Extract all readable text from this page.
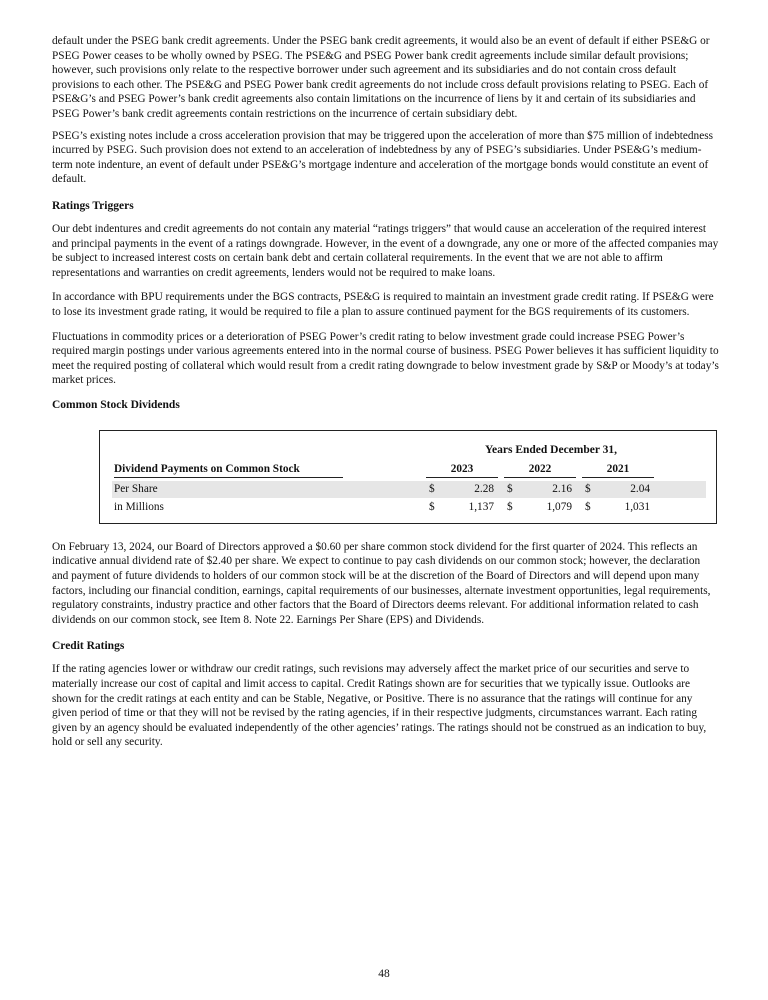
default under the PSEG bank credit agreements. Under the PSEG bank credit agreements, it would also be an event of default if either PSE&G or PSEG Power ceases to be wholly owned by PSEG. The PSE&G and PSEG Power bank credit agreements include similar default provisions; however, such provisions only relate to the respective borrower under such agreement and its subsidiaries and do not contain cross default provisions to each other. The PSE&G and PSEG Power bank credit agreements do not include cross default provisions relating to PSEG. Each of PSE&G’s and PSEG Power’s bank credit agreements also contain limitations on the incurrence of liens by it and certain of its subsidiaries and PSEG Power’s bank credit agreements contain restrictions on the incurrence of certain subsidiary debt.

PSEG’s existing notes include a cross acceleration provision that may be triggered upon the acceleration of more than $75 million of indebtedness incurred by PSEG. Such provision does not extend to an acceleration of indebtedness by any of PSEG’s subsidiaries. Under PSE&G’s medium-term note indenture, an event of default under PSE&G’s mortgage indenture and acceleration of the mortgage bonds would constitute an event of default.

Ratings Triggers

Our debt indentures and credit agreements do not contain any material “ratings triggers” that would cause an acceleration of the required interest and principal payments in the event of a ratings downgrade. However, in the event of a downgrade, any one or more of the affected companies may be subject to increased interest costs on certain bank debt and certain collateral requirements. In the event that we are not able to affirm representations and warranties on credit agreements, lenders would not be required to make loans.

In accordance with BPU requirements under the BGS contracts, PSE&G is required to maintain an investment grade credit rating. If PSE&G were to lose its investment grade rating, it would be required to file a plan to assure continued payment for the BGS requirements of its customers.

Fluctuations in commodity prices or a deterioration of PSEG Power’s credit rating to below investment grade could increase PSEG Power’s required margin postings under various agreements entered into in the normal course of business. PSEG Power believes it has sufficient liquidity to meet the required posting of collateral which would result from a credit rating downgrade to below investment grade by S&P or Moody’s at today’s market prices.

Common Stock Dividends
Years Ended December 31,
Dividend Payments on Common Stock	2023	2022	2021
Per Share	$	2.28 $	2.16 $	2.04
in Millions	$	1,137 $	1,079 $	1,031

On February 13, 2024, our Board of Directors approved a $0.60 per share common stock dividend for the first quarter of 2024. This reflects an indicative annual dividend rate of $2.40 per share. We expect to continue to pay cash dividends on our common stock; however, the declaration and payment of future dividends to holders of our common stock will be at the discretion of the Board of Directors and will depend upon many factors, including our financial condition, earnings, capital requirements of our businesses, alternate investment opportunities, legal requirements, regulatory constraints, industry practice and other factors that the Board of Directors deems relevant. For additional information related to cash dividends on our common stock, see Item 8. Note 22. Earnings Per Share (EPS) and Dividends.

Credit Ratings

If the rating agencies lower or withdraw our credit ratings, such revisions may adversely affect the market price of our securities and serve to materially increase our cost of capital and limit access to capital. Credit Ratings shown are for securities that we typically issue. Outlooks are shown for the credit ratings at each entity and can be Stable, Negative, or Positive. There is no assurance that the ratings will continue for any given period of time or that they will not be revised by the rating agencies, if in their respective judgments, circumstances warrant. Each rating given by an agency should be evaluated independently of the other agencies’ ratings. The ratings should not be construed as an indication to buy, hold or sell any security.

48
